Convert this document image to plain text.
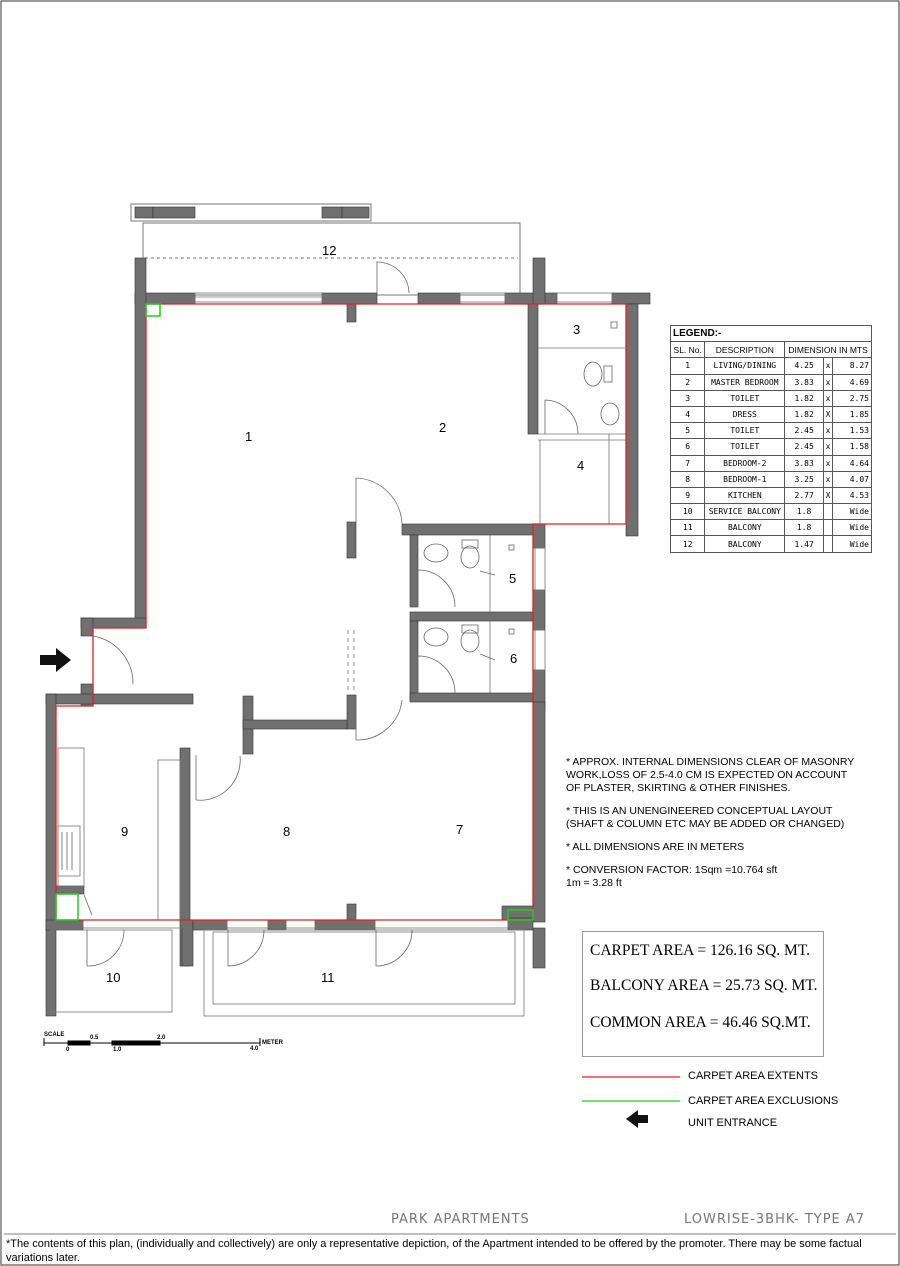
12
1
2
3
4
5
6
7
8
9
10	11
SCALE	0.5	2.0
0	1.0	4.0
METER
LEGEND:-				
SL. No.	DESCRIPTION	DIMENSION IN MTS		
1	LIVING/DINING	4.25	x	8.27
2	MASTER BEDROOM	3.83	x	4.69
3	TOILET	1.82	x	2.75
4	DRESS	1.82	X	1.85
5	TOILET	2.45	x	1.53
6	TOILET	2.45	x	1.58
7	BEDROOM-2	3.83	x	4.64
8	BEDROOM-1	3.25	x	4.07
9	KITCHEN	2.77	X	4.53
10	SERVICE BALCONY	1.8		Wide
11	BALCONY	1.8		Wide
12	BALCONY	1.47		Wide

* APPROX. INTERNAL DIMENSIONS CLEAR OF MASONRY
WORK,LOSS OF 2.5-4.0 CM IS EXPECTED ON ACCOUNT
OF PLASTER, SKIRTING & OTHER FINISHES.

* THIS IS AN UNENGINEERED CONCEPTUAL LAYOUT
(SHAFT & COLUMN ETC MAY BE ADDED OR CHANGED)

* ALL DIMENSIONS ARE IN METERS

* CONVERSION FACTOR: 1Sqm =10.764 sft
1m = 3.28 ft

CARPET AREA = 126.16 SQ. MT.
BALCONY AREA = 25.73 SQ. MT.
COMMON AREA = 46.46 SQ.MT.
CARPET AREA EXTENTS
CARPET AREA EXCLUSIONS
UNIT ENTRANCE
PARK APARTMENTS	LOWRISE-3BHK- TYPE A7
*The contents of this plan, (individually and collectively) are only a representative depiction, of the Apartment intended to be offered by the promoter. There may be some factual variations later.
